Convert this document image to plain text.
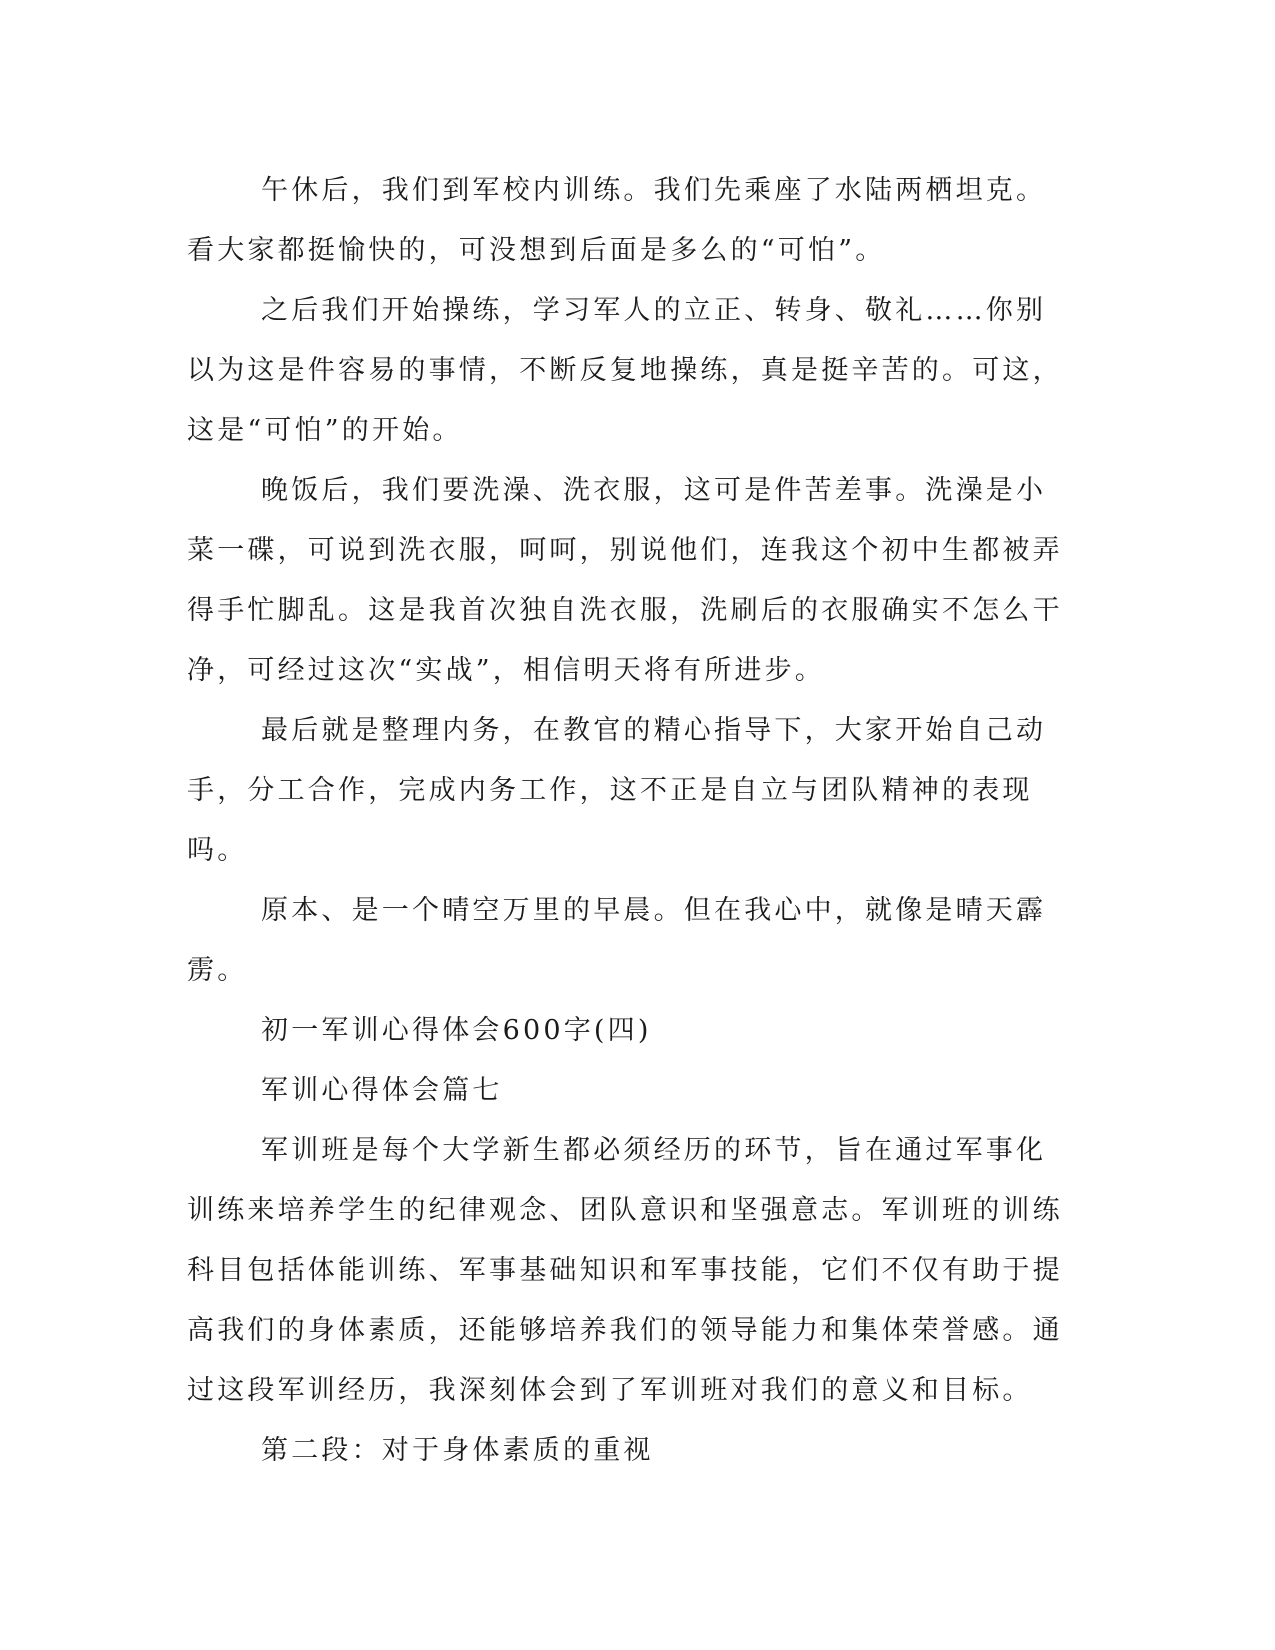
午休后，我们到军校内训练。我们先乘座了水陆两栖坦克。看大家都挺愉快的，可没想到后面是多么的“可怕”。

之后我们开始操练，学习军人的立正、转身、敬礼……你别以为这是件容易的事情，不断反复地操练，真是挺辛苦的。可这，这是“可怕”的开始。

晚饭后，我们要洗澡、洗衣服，这可是件苦差事。洗澡是小菜一碟，可说到洗衣服，呵呵，别说他们，连我这个初中生都被弄得手忙脚乱。这是我首次独自洗衣服，洗刷后的衣服确实不怎么干净，可经过这次“实战”，相信明天将有所进步。

最后就是整理内务，在教官的精心指导下，大家开始自己动手，分工合作，完成内务工作，这不正是自立与团队精神的表现吗。

原本、是一个晴空万里的早晨。但在我心中，就像是晴天霹雳。

初一军训心得体会600字(四)

军训心得体会篇七

军训班是每个大学新生都必须经历的环节，旨在通过军事化训练来培养学生的纪律观念、团队意识和坚强意志。军训班的训练科目包括体能训练、军事基础知识和军事技能，它们不仅有助于提高我们的身体素质，还能够培养我们的领导能力和集体荣誉感。通过这段军训经历，我深刻体会到了军训班对我们的意义和目标。

第二段：对于身体素质的重视
